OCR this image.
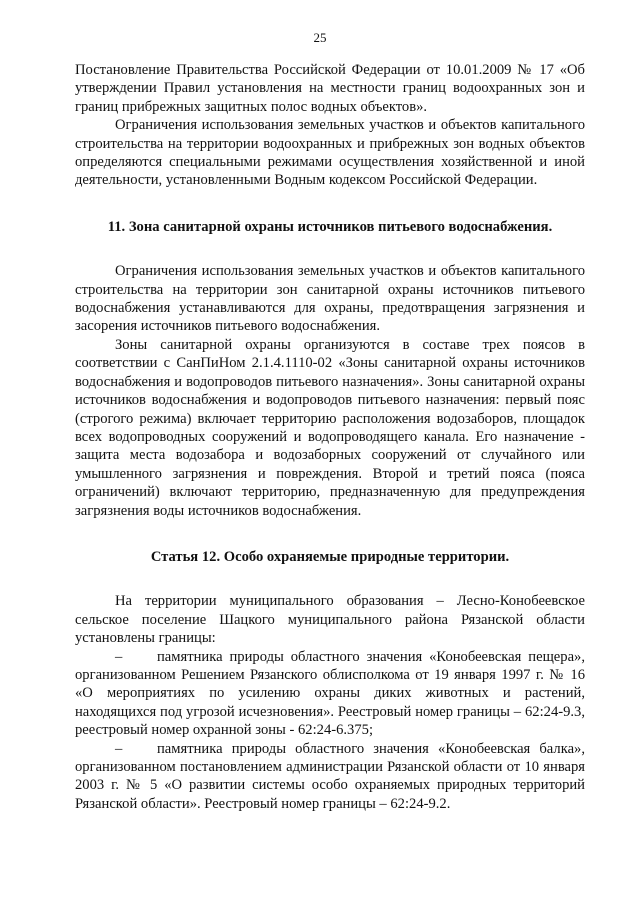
25

Постановление Правительства Российской Федерации от 10.01.2009 № 17 «Об утверждении Правил установления на местности границ водоохранных зон и границ прибрежных защитных полос водных объектов».

Ограничения использования земельных участков и объектов капитального строительства на территории водоохранных и прибрежных зон водных объектов определяются специальными режимами осуществления хозяйственной и иной деятельности, установленными Водным кодексом Российской Федерации.

11. Зона санитарной охраны источников питьевого водоснабжения.

Ограничения использования земельных участков и объектов капитального строительства на территории зон санитарной охраны источников питьевого водоснабжения устанавливаются для охраны, предотвращения загрязнения и засорения источников питьевого водоснабжения.

Зоны санитарной охраны организуются в составе трех поясов в соответствии с СанПиНом 2.1.4.1110-02 «Зоны санитарной охраны источников водоснабжения и водопроводов питьевого назначения». Зоны санитарной охраны источников водоснабжения и водопроводов питьевого назначения: первый пояс (строгого режима) включает территорию расположения водозаборов, площадок всех водопроводных сооружений и водопроводящего канала. Его назначение - защита места водозабора и водозаборных сооружений от случайного или умышленного загрязнения и повреждения. Второй и третий пояса (пояса ограничений) включают территорию, предназначенную для предупреждения загрязнения воды источников водоснабжения.

Статья 12. Особо охраняемые природные территории.

На территории муниципального образования – Лесно-Конобеевское сельское поселение Шацкого муниципального района Рязанской области установлены границы:

– памятника природы областного значения «Конобеевская пещера», организованном Решением Рязанского облисполкома от 19 января 1997 г. № 16 «О мероприятиях по усилению охраны диких животных и растений, находящихся под угрозой исчезновения». Реестровый номер границы – 62:24-9.3, реестровый номер охранной зоны - 62:24-6.375;

– памятника природы областного значения «Конобеевская балка», организованном постановлением администрации Рязанской области от 10 января 2003 г. № 5 «О развитии системы особо охраняемых природных территорий Рязанской области». Реестровый номер границы – 62:24-9.2.
